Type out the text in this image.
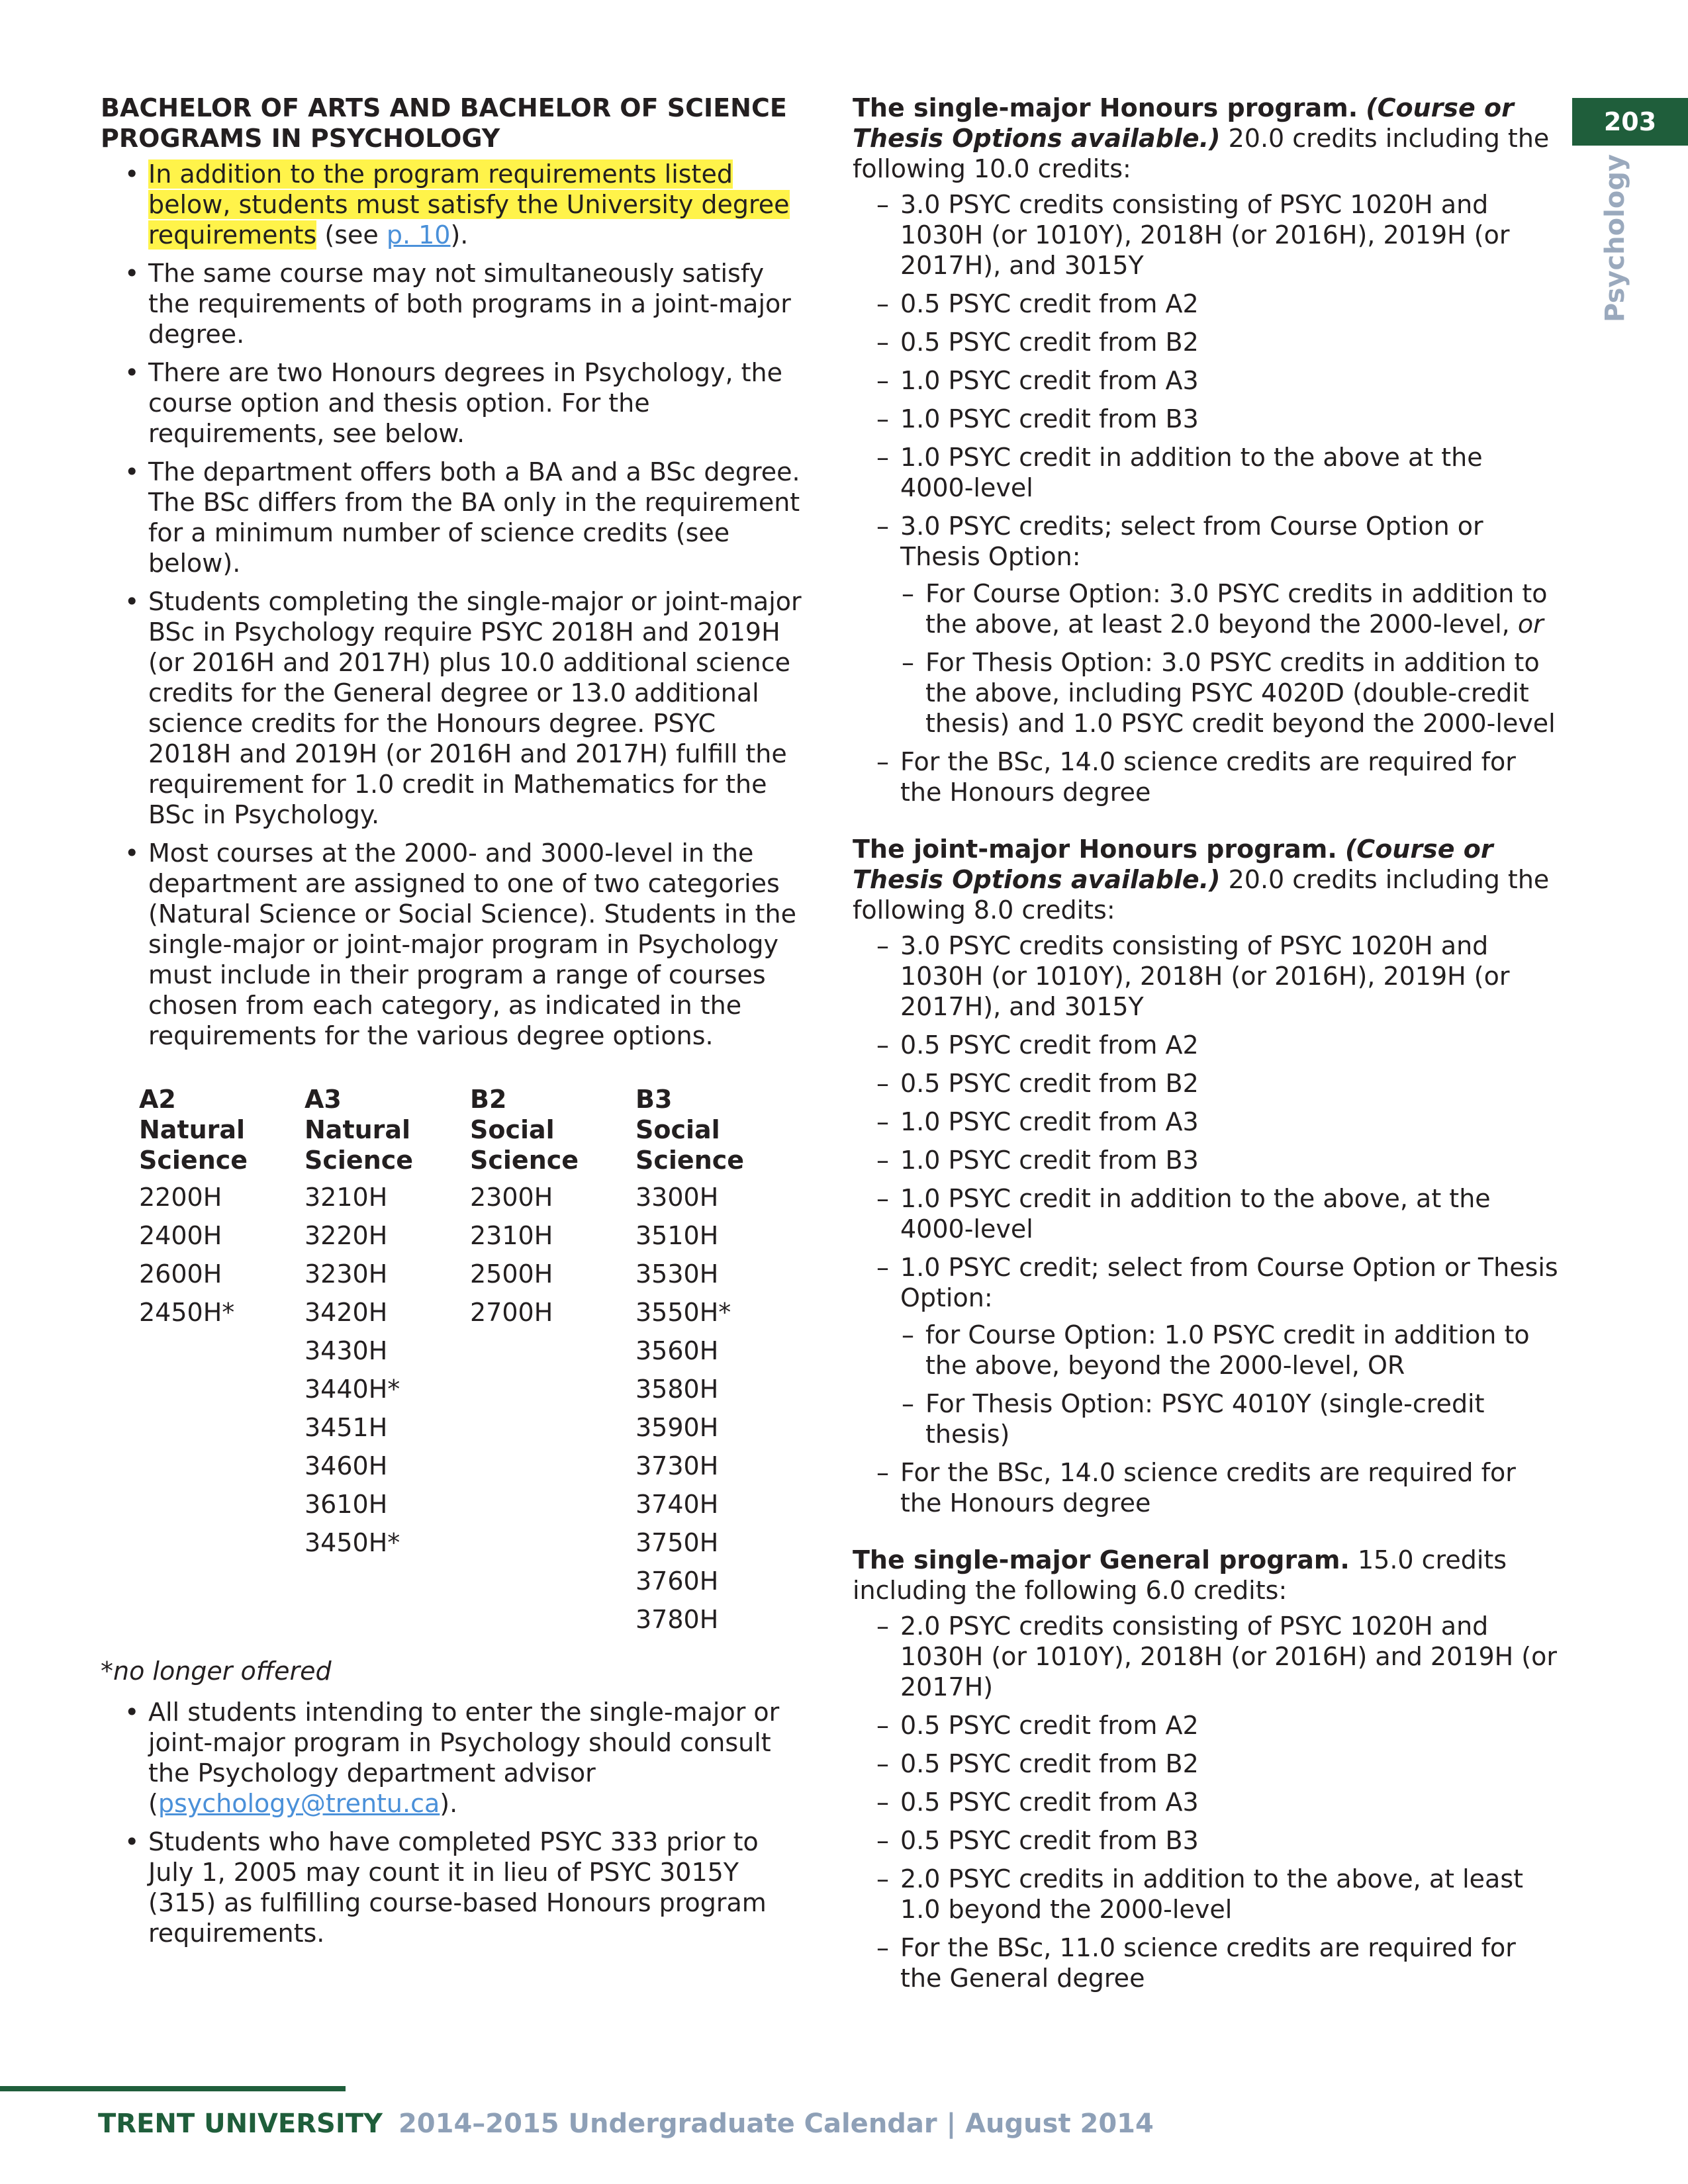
203
Psychology

BACHELOR OF ARTS AND BACHELOR OF SCIENCE
PROGRAMS IN PSYCHOLOGY

• In addition to the program requirements listed below, students must satisfy the University degree requirements (see p. 10).
• The same course may not simultaneously satisfy the requirements of both programs in a joint-major degree.
• There are two Honours degrees in Psychology, the course option and thesis option. For the requirements, see below.
• The department offers both a BA and a BSc degree. The BSc differs from the BA only in the requirement for a minimum number of science credits (see below).
• Students completing the single-major or joint-major BSc in Psychology require PSYC 2018H and 2019H (or 2016H and 2017H) plus 10.0 additional science credits for the General degree or 13.0 additional science credits for the Honours degree. PSYC 2018H and 2019H (or 2016H and 2017H) fulfill the requirement for 1.0 credit in Mathematics for the BSc in Psychology.
• Most courses at the 2000- and 3000-level in the department are assigned to one of two categories (Natural Science or Social Science). Students in the single-major or joint-major program in Psychology must include in their program a range of courses chosen from each category, as indicated in the requirements for the various degree options.
A2
Natural
Science	A3
Natural
Science	B2
Social
Science	B3
Social
Science
2200H	3210H	2300H	3300H
2400H	3220H	2310H	3510H
2600H	3230H	2500H	3530H
2450H*	3420H	2700H	3550H*
	3430H		3560H
	3440H*		3580H
	3451H		3590H
	3460H		3730H
	3610H		3740H
	3450H*		3750H
			3760H
			3780H

*no longer offered

• All students intending to enter the single-major or joint-major program in Psychology should consult the Psychology department advisor (psychology@trentu.ca).
• Students who have completed PSYC 333 prior to July 1, 2005 may count it in lieu of PSYC 3015Y (315) as fulfilling course-based Honours program requirements.

The single-major Honours program. (Course or Thesis Options available.) 20.0 credits including the following 10.0 credits:

– 3.0 PSYC credits consisting of PSYC 1020H and 1030H (or 1010Y), 2018H (or 2016H), 2019H (or 2017H), and 3015Y
– 0.5 PSYC credit from A2
– 0.5 PSYC credit from B2
– 1.0 PSYC credit from A3
– 1.0 PSYC credit from B3
– 1.0 PSYC credit in addition to the above at the 4000-level
– 3.0 PSYC credits; select from Course Option or Thesis Option:
– For Course Option: 3.0 PSYC credits in addition to the above, at least 2.0 beyond the 2000-level, or
– For Thesis Option: 3.0 PSYC credits in addition to the above, including PSYC 4020D (double-credit thesis) and 1.0 PSYC credit beyond the 2000-level
– For the BSc, 14.0 science credits are required for the Honours degree

The joint-major Honours program. (Course or Thesis Options available.) 20.0 credits including the following 8.0 credits:

– 3.0 PSYC credits consisting of PSYC 1020H and 1030H (or 1010Y), 2018H (or 2016H), 2019H (or 2017H), and 3015Y
– 0.5 PSYC credit from A2
– 0.5 PSYC credit from B2
– 1.0 PSYC credit from A3
– 1.0 PSYC credit from B3
– 1.0 PSYC credit in addition to the above, at the 4000-level
– 1.0 PSYC credit; select from Course Option or Thesis Option:
– for Course Option: 1.0 PSYC credit in addition to the above, beyond the 2000-level, OR
– For Thesis Option: PSYC 4010Y (single-credit thesis)
– For the BSc, 14.0 science credits are required for the Honours degree

The single-major General program. 15.0 credits including the following 6.0 credits:

– 2.0 PSYC credits consisting of PSYC 1020H and 1030H (or 1010Y), 2018H (or 2016H) and 2019H (or 2017H)
– 0.5 PSYC credit from A2
– 0.5 PSYC credit from B2
– 0.5 PSYC credit from A3
– 0.5 PSYC credit from B3
– 2.0 PSYC credits in addition to the above, at least 1.0 beyond the 2000-level
– For the BSc, 11.0 science credits are required for the General degree
TRENT UNIVERSITY 2014–2015 Undergraduate Calendar | August 2014
